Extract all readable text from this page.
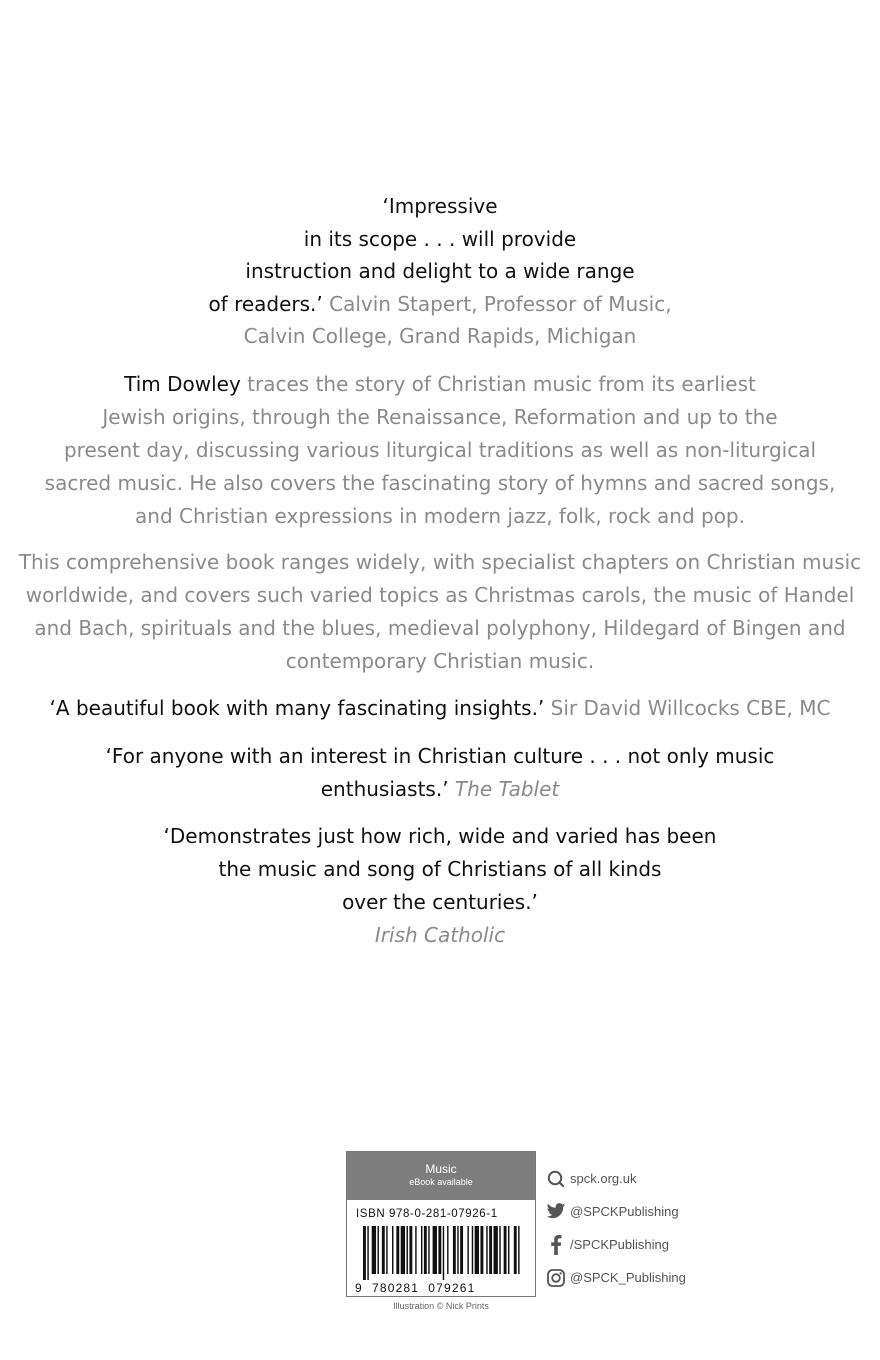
‘Impressive
in its scope . . . will provide
instruction and delight to a wide range
of readers.’ Calvin Stapert, Professor of Music,
Calvin College, Grand Rapids, Michigan
Tim Dowley traces the story of Christian music from its earliest
Jewish origins, through the Renaissance, Reformation and up to the
present day, discussing various liturgical traditions as well as non-liturgical
sacred music. He also covers the fascinating story of hymns and sacred songs,
and Christian expressions in modern jazz, folk, rock and pop.
This comprehensive book ranges widely, with specialist chapters on Christian music
worldwide, and covers such varied topics as Christmas carols, the music of Handel
and Bach, spirituals and the blues, medieval polyphony, Hildegard of Bingen and
contemporary Christian music.
‘A beautiful book with many fascinating insights.’ Sir David Willcocks CBE, MC
‘For anyone with an interest in Christian culture . . . not only music
enthusiasts.’ The Tablet
‘Demonstrates just how rich, wide and varied has been
the music and song of Christians of all kinds
over the centuries.’
Irish Catholic
Music
eBook available
ISBN 978-0-281-07926-1
9  780281  079261
Illustration © Nick Prints
spck.org.uk
@SPCKPublishing
/SPCKPublishing
@SPCK_Publishing
